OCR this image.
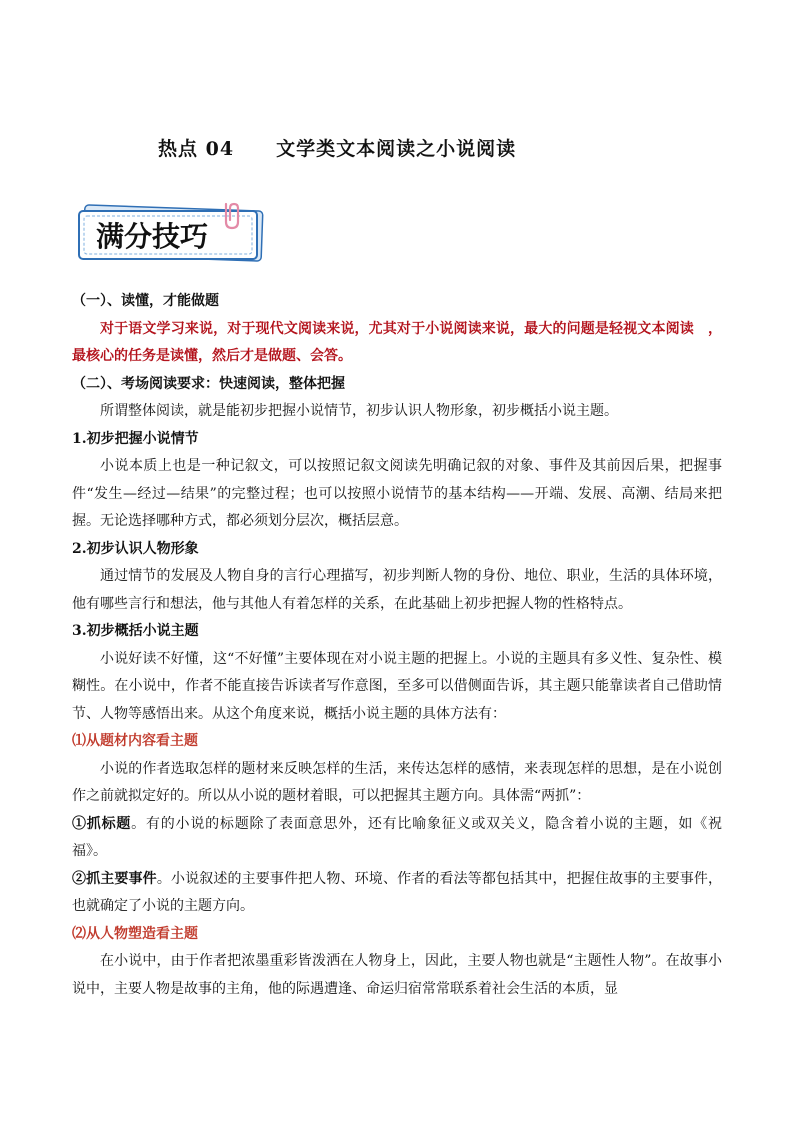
热点 04 文学类文本阅读之小说阅读
满分技巧

（一）、读懂，才能做题

对于语文学习来说，对于现代文阅读来说，尤其对于小说阅读来说，最大的问题是轻视文本阅读　，最核心的任务是读懂，然后才是做题、会答。

（二）、考场阅读要求：快速阅读，整体把握

所谓整体阅读，就是能初步把握小说情节，初步认识人物形象，初步概括小说主题。

1.初步把握小说情节

小说本质上也是一种记叙文，可以按照记叙文阅读先明确记叙的对象、事件及其前因后果，把握事件“发生—经过—结果”的完整过程；也可以按照小说情节的基本结构——开端、发展、高潮、结局来把握。无论选择哪种方式，都必须划分层次，概括层意。

2.初步认识人物形象

通过情节的发展及人物自身的言行心理描写，初步判断人物的身份、地位、职业，生活的具体环境，他有哪些言行和想法，他与其他人有着怎样的关系，在此基础上初步把握人物的性格特点。

3.初步概括小说主题

小说好读不好懂，这“不好懂”主要体现在对小说主题的把握上。小说的主题具有多义性、复杂性、模糊性。在小说中，作者不能直接告诉读者写作意图，至多可以借侧面告诉，其主题只能靠读者自己借助情节、人物等感悟出来。从这个角度来说，概括小说主题的具体方法有：

⑴从题材内容看主题

小说的作者选取怎样的题材来反映怎样的生活，来传达怎样的感情，来表现怎样的思想，是在小说创作之前就拟定好的。所以从小说的题材着眼，可以把握其主题方向。具体需“两抓”：

①抓标题。有的小说的标题除了表面意思外，还有比喻象征义或双关义，隐含着小说的主题，如《祝福》。

②抓主要事件。小说叙述的主要事件把人物、环境、作者的看法等都包括其中，把握住故事的主要事件，也就确定了小说的主题方向。

⑵从人物塑造看主题

在小说中，由于作者把浓墨重彩皆泼洒在人物身上，因此，主要人物也就是“主题性人物”。在故事小说中，主要人物是故事的主角，他的际遇遭逢、命运归宿常常联系着社会生活的本质，显
